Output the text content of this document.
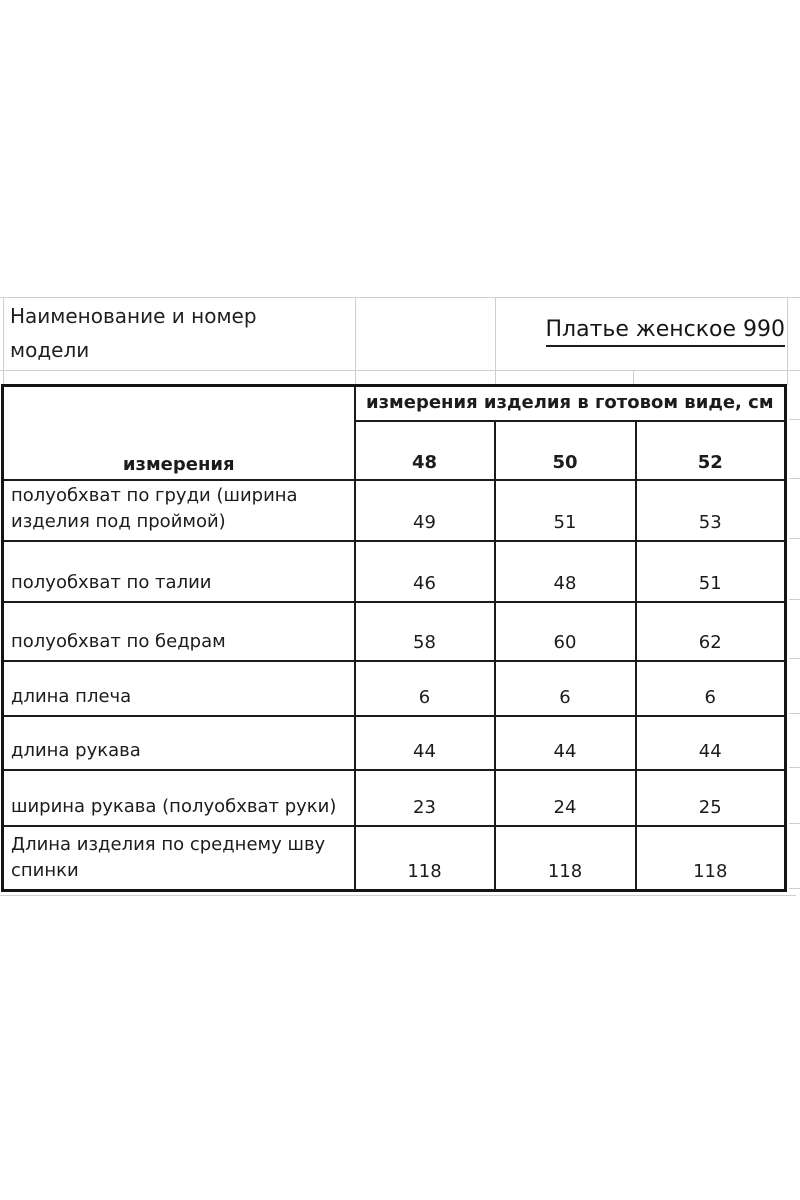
Наименование и номер модели
Платье женское 990
измерения	измерения изделия в готовом виде, см		
	48	50	52
полуобхват по груди (ширина изделия под проймой)	49	51	53
полуобхват по талии	46	48	51
полуобхват по бедрам	58	60	62
длина плеча	6	6	6
длина рукава	44	44	44
ширина рукава (полуобхват руки)	23	24	25
Длина изделия по среднему шву спинки	118	118	118
